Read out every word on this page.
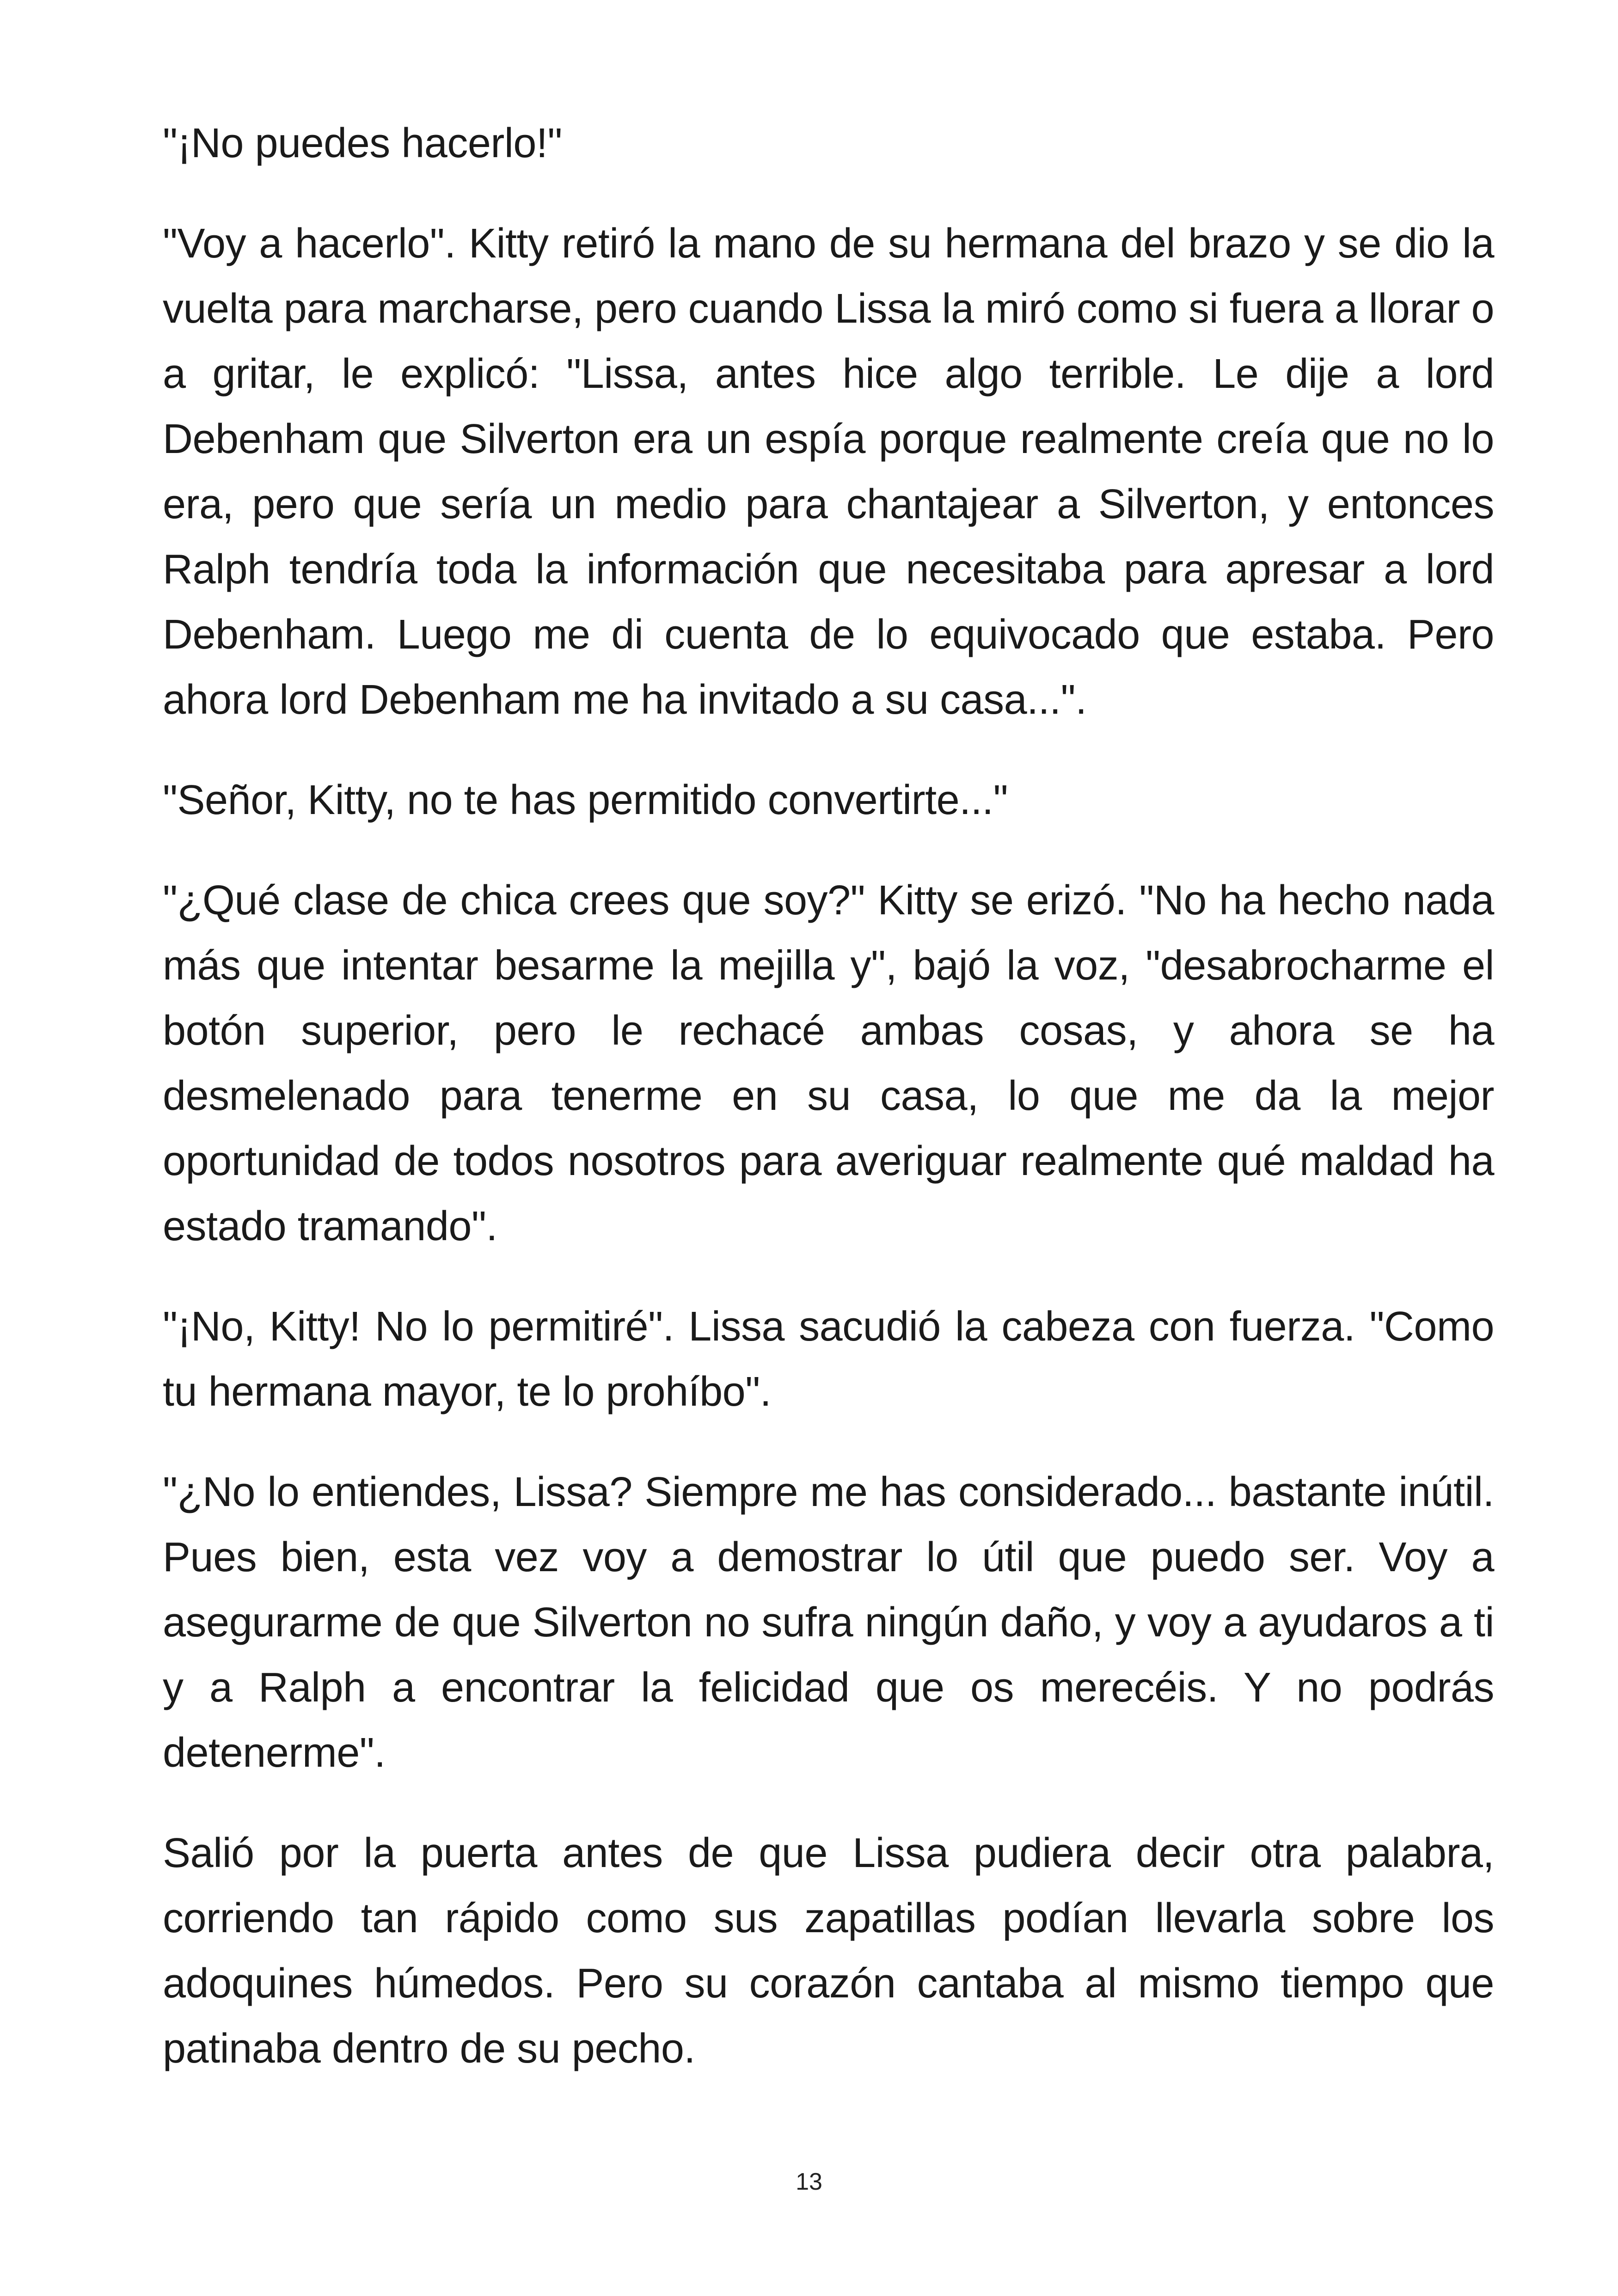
"¡No puedes hacerlo!"

"Voy a hacerlo". Kitty retiró la mano de su hermana del brazo y se dio la vuelta para marcharse, pero cuando Lissa la miró como si fuera a llorar o a gritar, le explicó: "Lissa, antes hice algo terrible. Le dije a lord Debenham que Silverton era un espía porque realmente creía que no lo era, pero que sería un medio para chantajear a Silverton, y entonces Ralph tendría toda la información que necesitaba para apresar a lord Debenham. Luego me di cuenta de lo equivocado que estaba. Pero ahora lord Debenham me ha invitado a su casa...".

"Señor, Kitty, no te has permitido convertirte..."

"¿Qué clase de chica crees que soy?" Kitty se erizó. "No ha hecho nada más que intentar besarme la mejilla y", bajó la voz, "desabrocharme el botón superior, pero le rechacé ambas cosas, y ahora se ha desmelenado para tenerme en su casa, lo que me da la mejor oportunidad de todos nosotros para averiguar realmente qué maldad ha estado tramando".

"¡No, Kitty! No lo permitiré". Lissa sacudió la cabeza con fuerza. "Como tu hermana mayor, te lo prohíbo".

"¿No lo entiendes, Lissa? Siempre me has considerado... bastante inútil. Pues bien, esta vez voy a demostrar lo útil que puedo ser. Voy a asegurarme de que Silverton no sufra ningún daño, y voy a ayudaros a ti y a Ralph a encontrar la felicidad que os merecéis. Y no podrás detenerme".

Salió por la puerta antes de que Lissa pudiera decir otra palabra, corriendo tan rápido como sus zapatillas podían llevarla sobre los adoquines húmedos. Pero su corazón cantaba al mismo tiempo que patinaba dentro de su pecho.

13
